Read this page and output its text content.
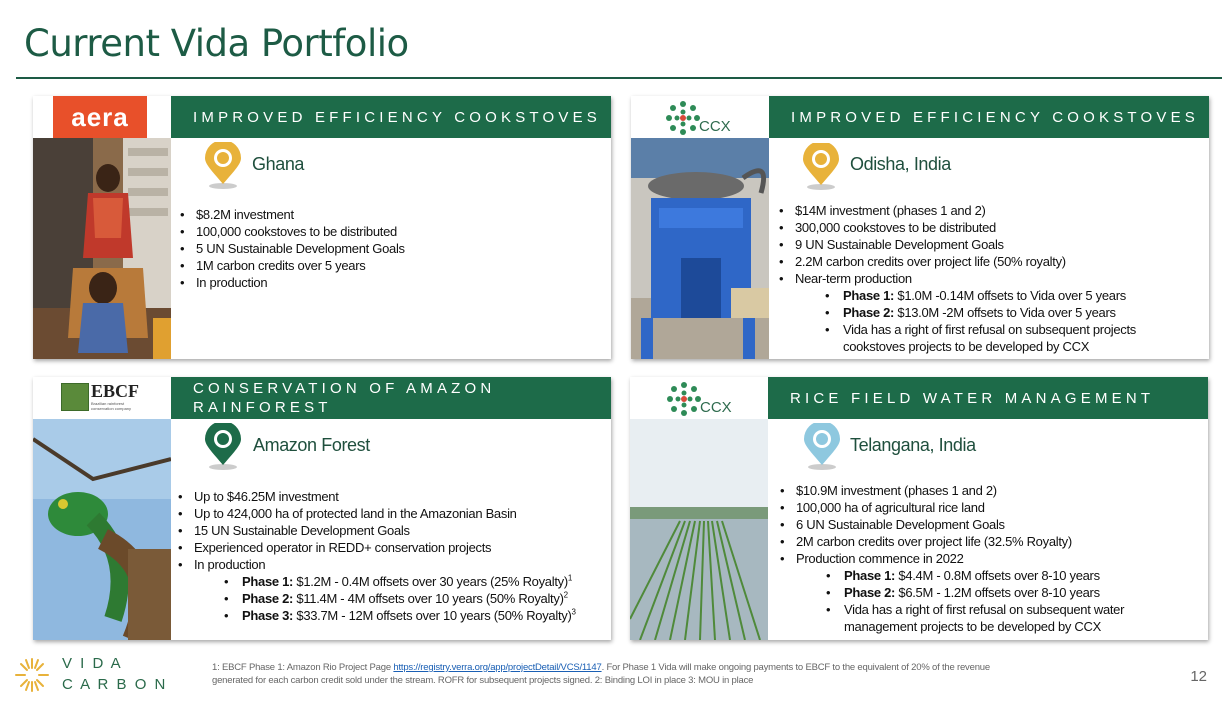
Current Vida Portfolio
aera	IMPROVED EFFICIENCY COOKSTOVES
Ghana
• $8.2M investment
• 100,000 cookstoves to be distributed
• 5 UN Sustainable Development Goals
• 1M carbon credits over 5 years
• In production
CCX
IMPROVED EFFICIENCY COOKSTOVES
Odisha, India
• $14M investment (phases 1 and 2)
• 300,000 cookstoves to be distributed
• 9 UN Sustainable Development Goals
• 2.2M carbon credits over project life (50% royalty)
• Near-term production
• Phase 1: $1.0M -0.14M offsets to Vida over 5 years
• Phase 2: $13.0M -2M offsets to Vida over 5 years
• Vida has a right of first refusal on subsequent projects
cookstoves projects to be developed by CCX
EBCF
Brazilian rainforest conservation company
CONSERVATION OF AMAZON
RAINFOREST
Amazon Forest
• Up to $46.25M investment
• Up to 424,000 ha of protected land in the Amazonian Basin
• 15 UN Sustainable Development Goals
• Experienced operator in REDD+ conservation projects
• In production
• Phase 1: $1.2M - 0.4M offsets over 30 years (25% Royalty)$^1$
• Phase 2: $11.4M - 4M offsets over 10 years (50% Royalty)$^2$
• Phase 3: $33.7M - 12M offsets over 10 years (50% Royalty)$^3$
CCX
RICE FIELD WATER MANAGEMENT
Telangana, India
• $10.9M investment (phases 1 and 2)
• 100,000 ha of agricultural rice land
• 6 UN Sustainable Development Goals
• 2M carbon credits over project life (32.5% Royalty)
• Production commence in 2022
• Phase 1: $4.4M - 0.8M offsets over 8-10 years
• Phase 2: $6.5M - 1.2M offsets over 8-10 years
• Vida has a right of first refusal on subsequent water
management projects to be developed by CCX
V I D A
C A R B O N
1: EBCF Phase 1: Amazon Rio Project Page https://registry.verra.org/app/projectDetail/VCS/1147. For Phase 1 Vida will make ongoing payments to EBCF to the equivalent of 20% of the revenue
generated for each carbon credit sold under the stream. ROFR for subsequent projects signed. 2: Binding LOI in place 3: MOU in place	12
